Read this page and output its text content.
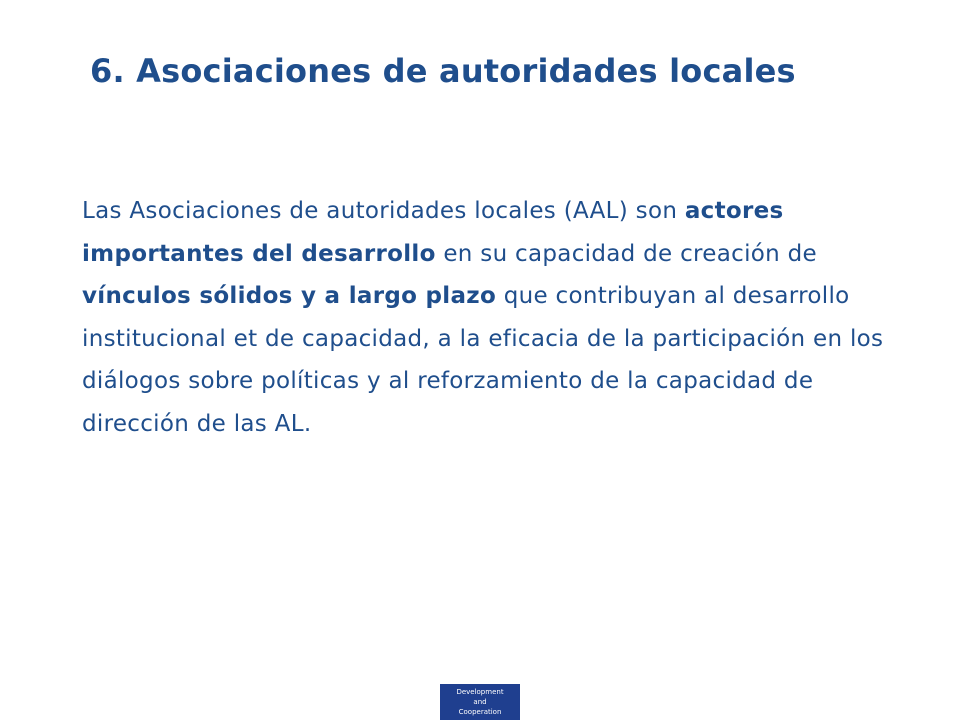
6. Asociaciones de autoridades locales

Las Asociaciones de autoridades locales (AAL) son actores importantes del desarrollo en su capacidad de creación de vínculos sólidos y a largo plazo que contribuyan al desarrollo institucional et de capacidad, a la eficacia de la participación en los diálogos sobre políticas y al reforzamiento de la capacidad de dirección de las AL.

Development
and
Cooperation
